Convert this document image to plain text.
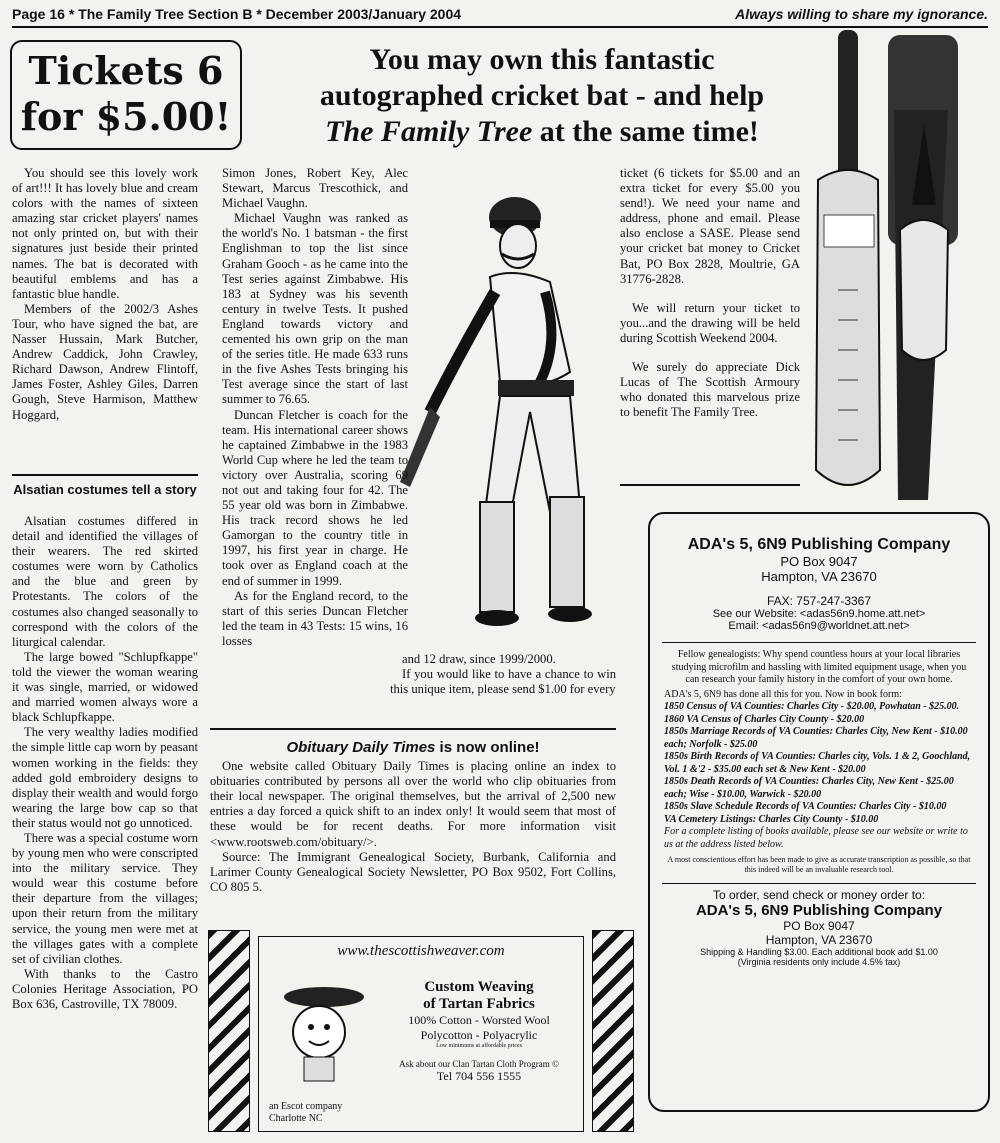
Page 16 * The Family Tree Section B * December 2003/January 2004	Always willing to share my ignorance.
Tickets 6
for $5.00!
You may own this fantastic
autographed cricket bat - and help
The Family Tree at the same time!

You should see this lovely work of art!!! It has lovely blue and cream colors with the names of sixteen amazing star cricket players' names not only printed on, but with their signatures just beside their printed names. The bat is decorated with beautiful emblems and has a fantastic blue handle.

Members of the 2002/3 Ashes Tour, who have signed the bat, are Nasser Hussain, Mark Butcher, Andrew Caddick, John Crawley, Richard Dawson, Andrew Flintoff, James Foster, Ashley Giles, Darren Gough, Steve Harmison, Matthew Hoggard,

Alsatian costumes tell a story

Alsatian costumes differed in detail and identified the villages of their wearers. The red skirted costumes were worn by Catholics and the blue and green by Protestants. The colors of the costumes also changed seasonally to correspond with the colors of the liturgical calendar.

The large bowed "Schlupfkappe" told the viewer the woman wearing it was single, married, or widowed and married women always wore a black Schlupfkappe.

The very wealthy ladies modified the simple little cap worn by peasant women working in the fields: they added gold embroidery designs to display their wealth and would forgo wearing the large bow cap so that their status would not go unnoticed.

There was a special costume worn by young men who were conscripted into the military service. They would wear this costume before their departure from the villages; upon their return from the military service, the young men were met at the villages gates with a complete set of civilian clothes.

With thanks to the Castro Colonies Heritage Association, PO Box 636, Castroville, TX 78009.

Simon Jones, Robert Key, Alec Stewart, Marcus Trescothick, and Michael Vaughn.

Michael Vaughn was ranked as the world's No. 1 batsman - the first Englishman to top the list since Graham Gooch - as he came into the Test series against Zimbabwe. His 183 at Sydney was his seventh century in twelve Tests. It pushed England towards victory and cemented his own grip on the man of the series title. He made 633 runs in the five Ashes Tests bringing his Test average since the start of last summer to 76.65.

Duncan Fletcher is coach for the team. His international career shows he captained Zimbabwe in the 1983 World Cup where he led the team to victory over Australia, scoring 69 not out and taking four for 42. The 55 year old was born in Zimbabwe. His track record shows he led Gamorgan to the country title in 1997, his first year in charge. He took over as England coach at the end of summer in 1999.

As for the England record, to the start of this series Duncan Fletcher led the team in 43 Tests: 15 wins, 16 losses

and 12 draw, since 1999/2000.

If you would like to have a chance to win this unique item, please send $1.00 for every

ticket (6 tickets for $5.00 and an extra ticket for every $5.00 you send!). We need your name and address, phone and email. Please also enclose a SASE. Please send your cricket bat money to Cricket Bat, PO Box 2828, Moultrie, GA 31776-2828.

We will return your ticket to you...and the drawing will be held during Scottish Weekend 2004.

We surely do appreciate Dick Lucas of The Scottish Armoury who donated this marvelous prize to benefit The Family Tree.

Obituary Daily Times is now online!

One website called Obituary Daily Times is placing online an index to obituaries contributed by persons all over the world who clip obituaries from their local newspaper. The original themselves, but the arrival of 2,500 new entries a day forced a quick shift to an index only! It would seem that most of these would be for recent deaths. For more information visit <www.rootsweb.com/obituary/>.

Source: The Immigrant Genealogical Society, Burbank, California and Larimer County Genealogical Society Newsletter, PO Box 9502, Fort Collins, CO 805 5.

www.thescottishweaver.com
an Escot company
Charlotte NC
Custom Weaving
of Tartan Fabrics
100% Cotton - Worsted Wool
Polycotton - Polyacrylic
Low minimums at affordable prices
Ask about our Clan Tartan Cloth Program ©
Tel 704 556 1555
ADA's 5, 6N9 Publishing Company
PO Box 9047
Hampton, VA 23670
FAX: 757-247-3367
See our Website: <adas56n9.home.att.net>
Email: <adas56n9@worldnet.att.net>
Fellow genealogists: Why spend countless hours at your local libraries studying microfilm and hassling with limited equipment usage, when you can research your family history in the comfort of your own home.
ADA's 5, 6N9 has done all this for you. Now in book form:
1850 Census of VA Counties: Charles City - $20.00, Powhatan - $25.00.
1860 VA Census of Charles City County - $20.00
1850s Marriage Records of VA Counties: Charles City, New Kent - $10.00 each; Norfolk - $25.00
1850s Birth Records of VA Counties: Charles city, Vols. 1 & 2, Goochland, Vol. 1 &'2 - $35.00 each set & New Kent - $20.00
1850s Death Records of VA Counties: Charles City, New Kent - $25.00 each; Wise - $10.00, Warwick - $20.00
1850s Slave Schedule Records of VA Counties: Charles City - $10.00
VA Cemetery Listings: Charles City County - $10.00
For a complete listing of books available, please see our website or write to us at the address listed below.
A most conscientious effort has been made to give as accurate transcription as possible, so that this indeed will be an invaluable research tool.
To order, send check or money order to:
ADA's 5, 6N9 Publishing Company
PO Box 9047
Hampton, VA 23670
Shipping & Handling $3.00. Each additional book add $1.00
(Virginia residents only include 4.5% tax)
